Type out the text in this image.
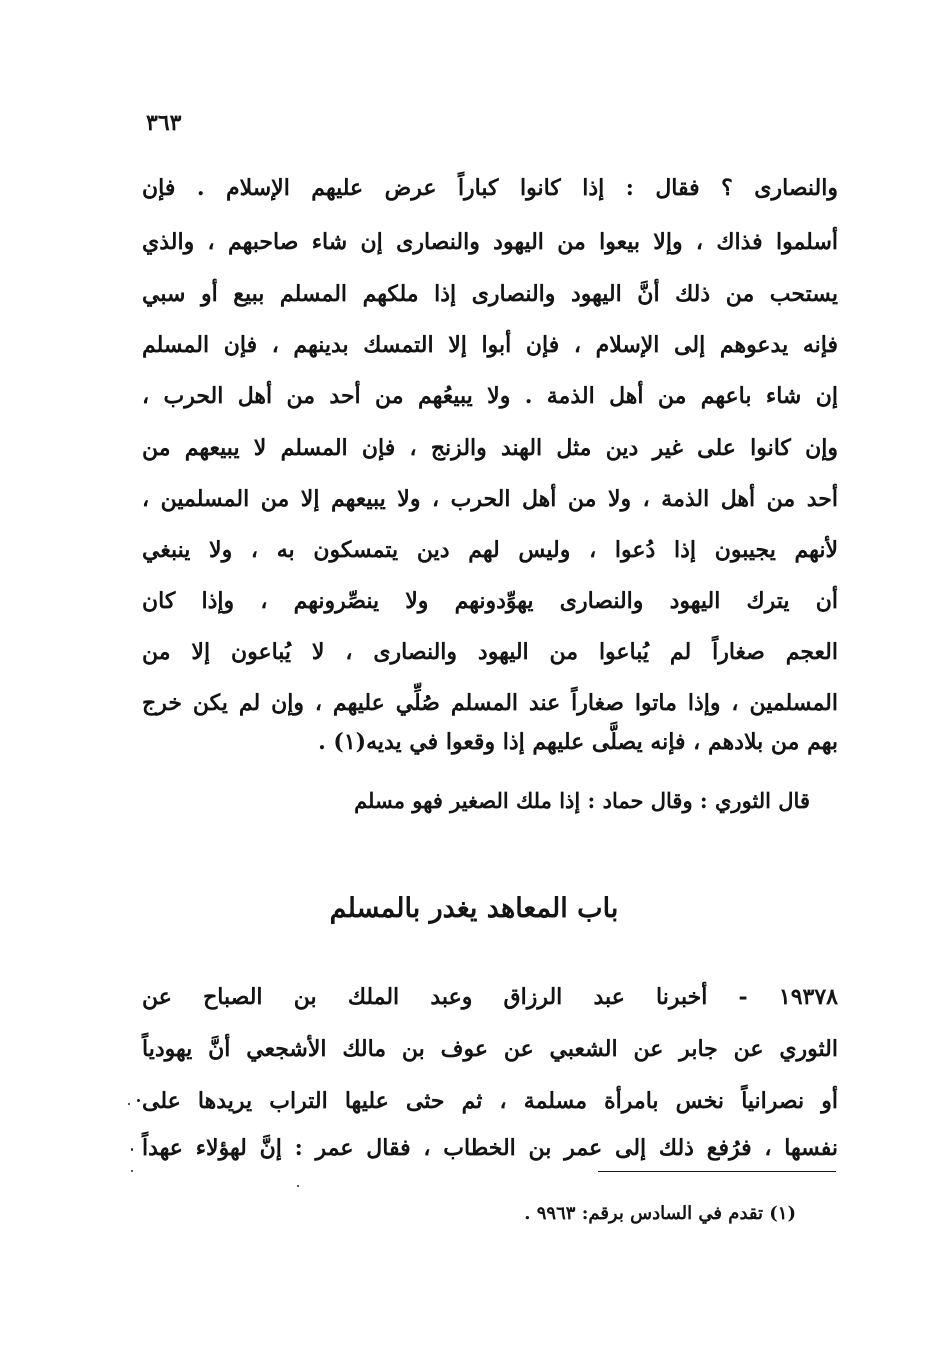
٣٦٣
والنصارى ؟ فقال : إذا كانوا كباراً عرض عليهم الإسلام . فإن
أسلموا فذاك ، وإلا بيعوا من اليهود والنصارى إن شاء صاحبهم ، والذي
يستحب من ذلك أنَّ اليهود والنصارى إذا ملكهم المسلم ببيع أو سبي
فإنه يدعوهم إلى الإسلام ، فإن أبوا إلا التمسك بدينهم ، فإن المسلم
إن شاء باعهم من أهل الذمة . ولا يبيعُهم من أحد من أهل الحرب ،
وإن كانوا على غير دين مثل الهند والزنج ، فإن المسلم لا يبيعهم من
أحد من أهل الذمة ، ولا من أهل الحرب ، ولا يبيعهم إلا من المسلمين ،
لأنهم يجيبون إذا دُعوا ، وليس لهم دين يتمسكون به ، ولا ينبغي
أن يترك اليهود والنصارى يهوِّدونهم ولا ينصِّرونهم ، وإذا كان
العجم صغاراً لم يُباعوا من اليهود والنصارى ، لا يُباعون إلا من
المسلمين ، وإذا ماتوا صغاراً عند المسلم صُلِّي عليهم ، وإن لم يكن خرج
بهم من بلادهم ، فإنه يصلَّى عليهم إذا وقعوا في يديه(١) .
قال الثوري : وقال حماد : إذا ملك الصغير فهو مسلم
باب المعاهد يغدر بالمسلم
١٩٣٧٨ - أخبرنا عبد الرزاق وعبد الملك بن الصباح عن
الثوري عن جابر عن الشعبي عن عوف بن مالك الأشجعي أنَّ يهودياً
أو نصرانياً نخس بامرأة مسلمة ، ثم حثى عليها التراب يريدها على
نفسها ، فرُفع ذلك إلى عمر بن الخطاب ، فقال عمر : إنَّ لهؤلاء عهداً
(١) تقدم في السادس برقم: ٩٩٦٣ .
